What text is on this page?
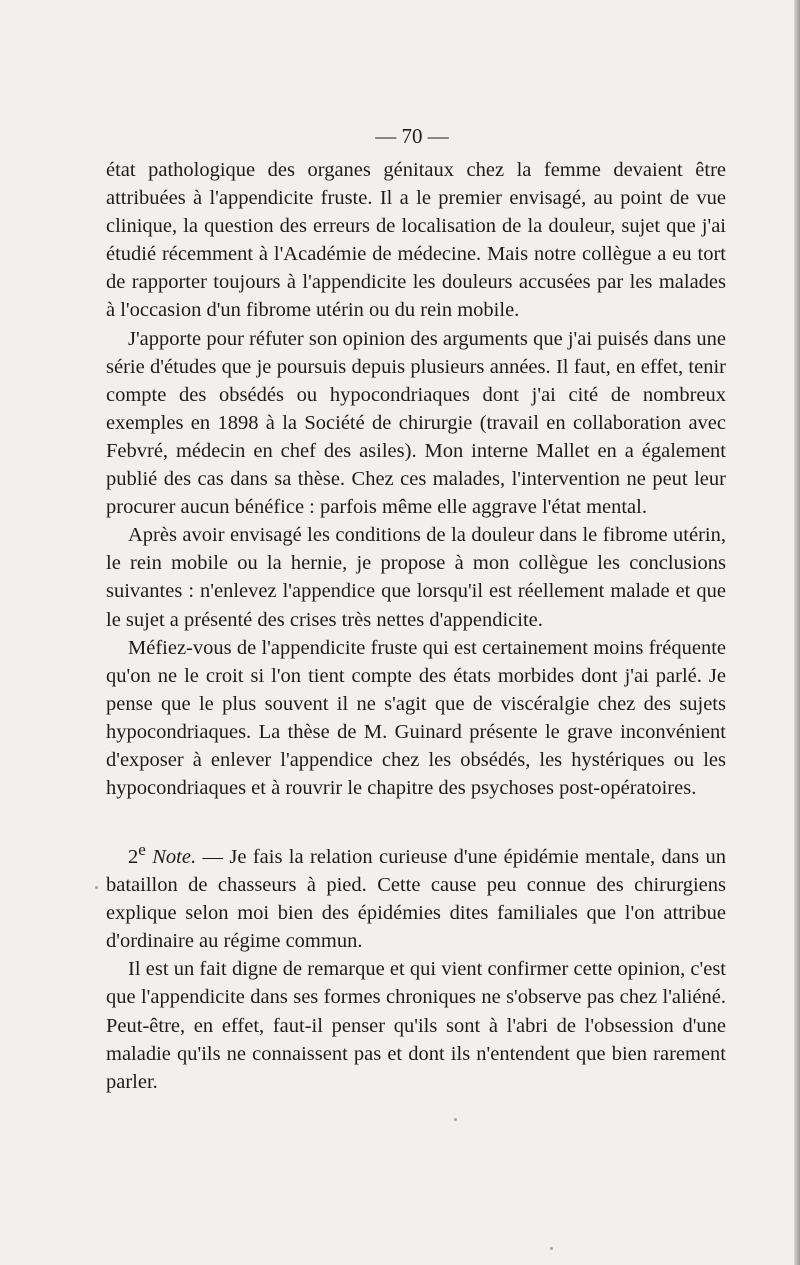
— 70 —

état pathologique des organes génitaux chez la femme devaient être attribuées à l'appendicite fruste. Il a le premier envisagé, au point de vue clinique, la question des erreurs de localisation de la douleur, sujet que j'ai étudié récemment à l'Académie de médecine. Mais notre collègue a eu tort de rapporter toujours à l'appendicite les douleurs accusées par les malades à l'occasion d'un fibrome utérin ou du rein mobile.

J'apporte pour réfuter son opinion des arguments que j'ai puisés dans une série d'études que je poursuis depuis plusieurs années. Il faut, en effet, tenir compte des obsédés ou hypocondriaques dont j'ai cité de nombreux exemples en 1898 à la Société de chirurgie (travail en collaboration avec Febvré, médecin en chef des asiles). Mon interne Mallet en a également publié des cas dans sa thèse. Chez ces malades, l'intervention ne peut leur procurer aucun bénéfice : parfois même elle aggrave l'état mental.

Après avoir envisagé les conditions de la douleur dans le fibrome utérin, le rein mobile ou la hernie, je propose à mon collègue les conclusions suivantes : n'enlevez l'appendice que lorsqu'il est réellement malade et que le sujet a présenté des crises très nettes d'appendicite.

Méfiez-vous de l'appendicite fruste qui est certainement moins fréquente qu'on ne le croit si l'on tient compte des états morbides dont j'ai parlé. Je pense que le plus souvent il ne s'agit que de viscéralgie chez des sujets hypocondriaques. La thèse de M. Guinard présente le grave inconvénient d'exposer à enlever l'appendice chez les obsédés, les hystériques ou les hypocondriaques et à rouvrir le chapitre des psychoses post-opératoires.

2e Note. — Je fais la relation curieuse d'une épidémie mentale, dans un bataillon de chasseurs à pied. Cette cause peu connue des chirurgiens explique selon moi bien des épidémies dites familiales que l'on attribue d'ordinaire au régime commun.

Il est un fait digne de remarque et qui vient confirmer cette opinion, c'est que l'appendicite dans ses formes chroniques ne s'observe pas chez l'aliéné. Peut-être, en effet, faut-il penser qu'ils sont à l'abri de l'obsession d'une maladie qu'ils ne connaissent pas et dont ils n'entendent que bien rarement parler.
